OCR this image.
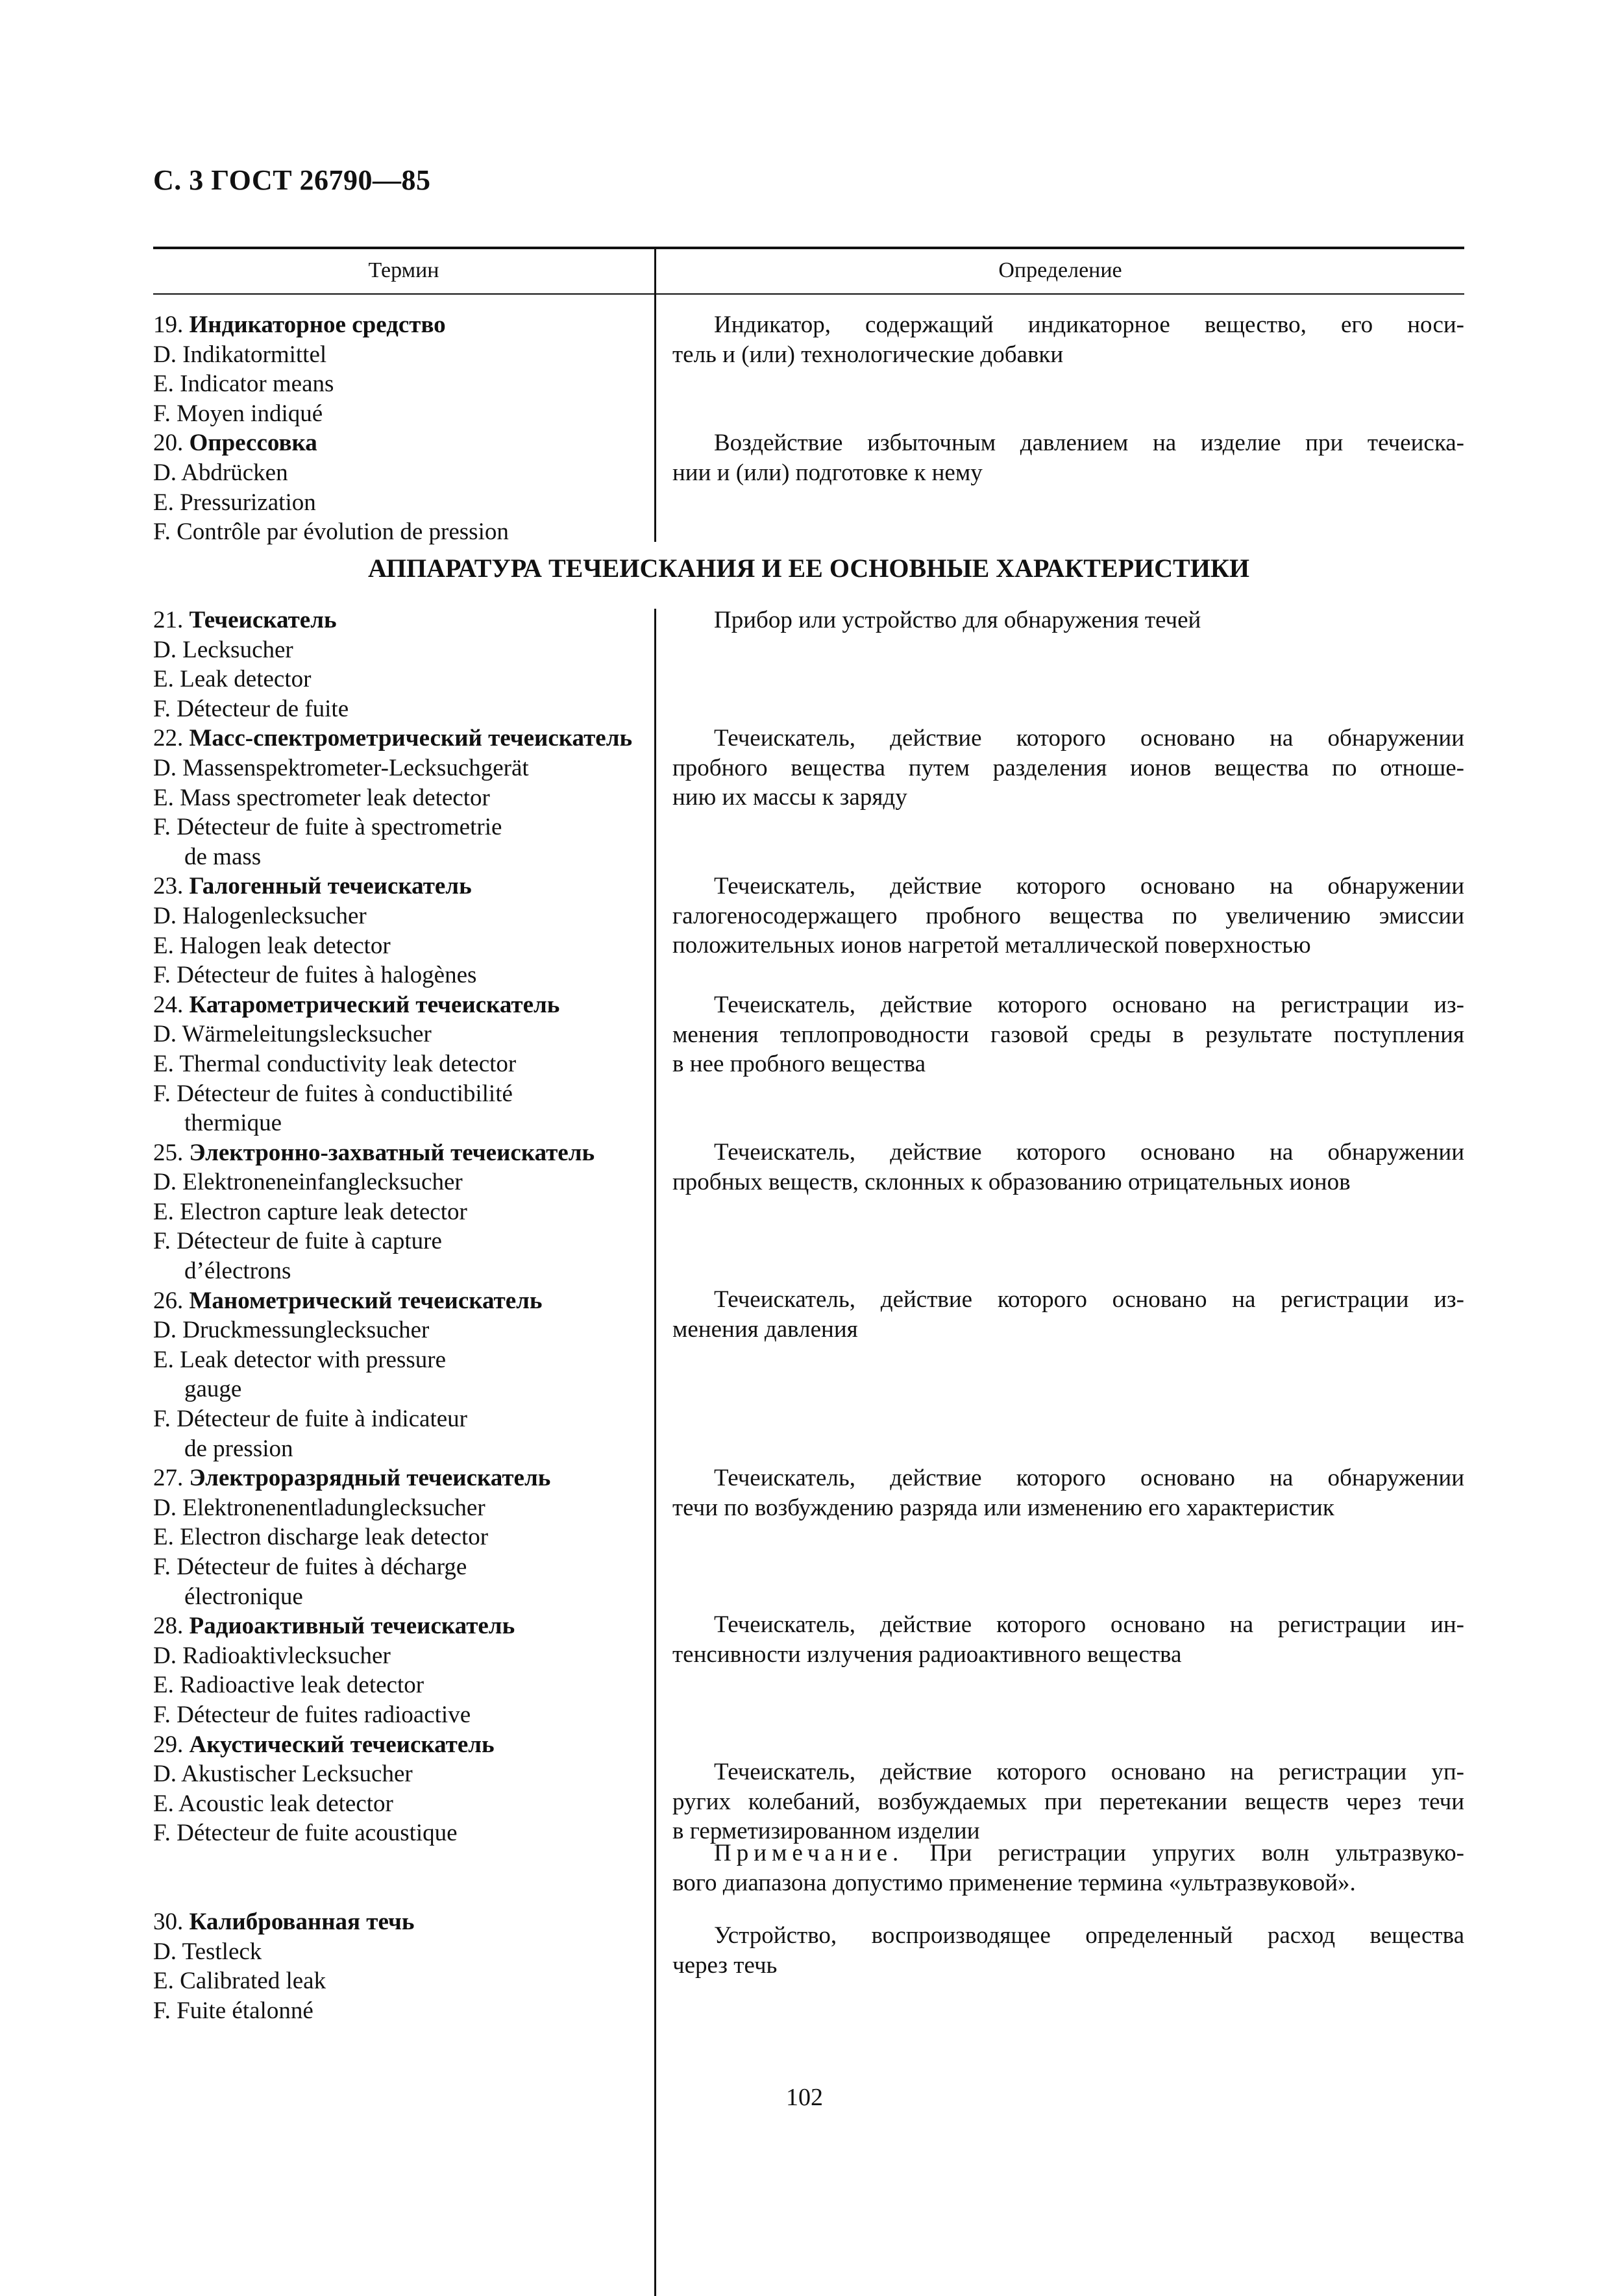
С. 3 ГОСТ 26790—85
Термин	Определение
19. Индикаторное средство
D. Indikatormittel
E. Indicator means
F. Moyen indiqué
20. Опрессовка
D. Abdrücken
E. Pressurization
F. Contrôle par évolution de pression
Индикатор, содержащий индикаторное вещество, его носи-
тель и (или) технологические добавки
Воздействие избыточным давлением на изделие при течеиска-
нии и (или) подготовке к нему
АППАРАТУРА ТЕЧЕИСКАНИЯ И ЕЕ ОСНОВНЫЕ ХАРАКТЕРИСТИКИ
21. Течеискатель
D. Lecksucher
E. Leak detector
F. Détecteur de fuite
22. Масс-спектрометрический течеискатель
D. Massenspektrometer-Lecksuchgerät
E. Mass spectrometer leak detector
F. Détecteur de fuite à spectrometrie
de mass
23. Галогенный течеискатель
D. Halogenlecksucher
E. Halogen leak detector
F. Détecteur de fuites à halogènes
24. Катарометрический течеискатель
D. Wärmeleitungslecksucher
E. Thermal conductivity leak detector
F. Détecteur de fuites à conductibilité
thermique
25. Электронно-захватный течеискатель
D. Elektroneneinfanglecksucher
E. Electron capture leak detector
F. Détecteur de fuite à capture
d’électrons
26. Манометрический течеискатель
D. Druckmessunglecksucher
E. Leak detector with pressure
gauge
F. Détecteur de fuite à indicateur
de pression
27. Электроразрядный течеискатель
D. Elektronenentladunglecksucher
E. Electron discharge leak detector
F. Détecteur de fuites à décharge
électronique
28. Радиоактивный течеискатель
D. Radioaktivlecksucher
E. Radioactive leak detector
F. Détecteur de fuites radioactive
29. Акустический течеискатель
D. Akustischer Lecksucher
E. Acoustic leak detector
F. Détecteur de fuite acoustique
30. Калиброванная течь
D. Testleck
E. Calibrated leak
F. Fuite étalonné
Примечание. При регистрации упругих волн ультразвуко-
вого диапазона допустимо применение термина «ультразвуковой».
Прибор или устройство для обнаружения течей
Течеискатель, действие которого основано на обнаружении
пробного вещества путем разделения ионов вещества по отноше-
нию их массы к заряду
Течеискатель, действие которого основано на обнаружении
галогеносодержащего пробного вещества по увеличению эмиссии
положительных ионов нагретой металлической поверхностью
Течеискатель, действие которого основано на регистрации из-
менения теплопроводности газовой среды в результате поступления
в нее пробного вещества
Течеискатель, действие которого основано на обнаружении
пробных веществ, склонных к образованию отрицательных ионов
Течеискатель, действие которого основано на регистрации из-
менения давления
Течеискатель, действие которого основано на обнаружении
течи по возбуждению разряда или изменению его характеристик
Течеискатель, действие которого основано на регистрации ин-
тенсивности излучения радиоактивного вещества
Течеискатель, действие которого основано на регистрации уп-
ругих колебаний, возбуждаемых при перетекании веществ через течи
в герметизированном изделии
Устройство, воспроизводящее определенный расход вещества
через течь
102
